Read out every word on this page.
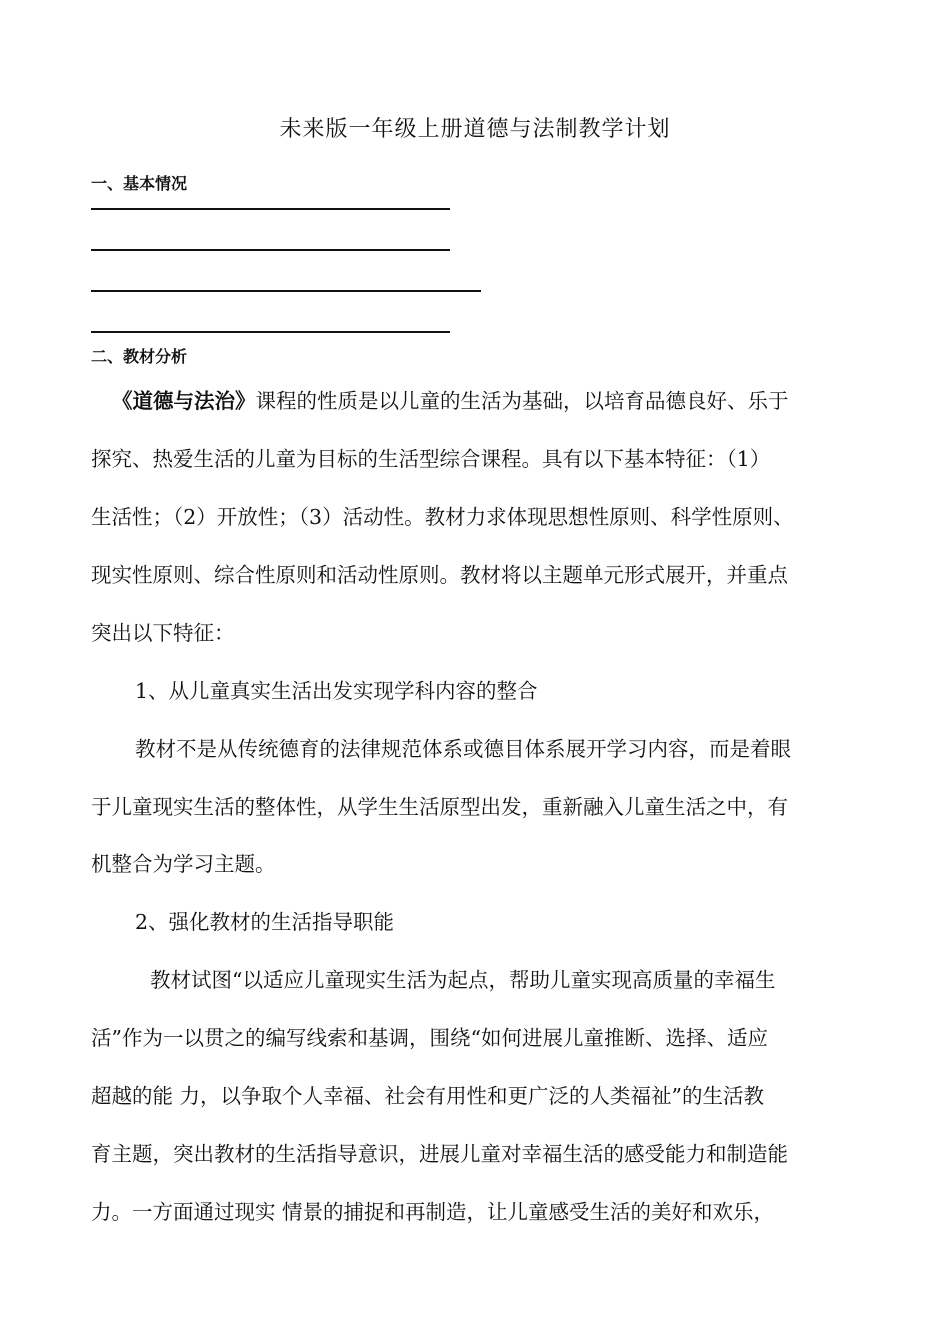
未来版一年级上册道德与法制教学计划
一、基本情况
二、教材分析
《道德与法治》课程的性质是以儿童的生活为基础，以培育品德良好、乐于
探究、热爱生活的儿童为目标的生活型综合课程。具有以下基本特征：（1）
生活性；（2）开放性；（3）活动性。教材力求体现思想性原则、科学性原则、
现实性原则、综合性原则和活动性原则。教材将以主题单元形式展开，并重点
突出以下特征：
1、从儿童真实生活出发实现学科内容的整合
教材不是从传统德育的法律规范体系或德目体系展开学习内容，而是着眼
于儿童现实生活的整体性，从学生生活原型出发，重新融入儿童生活之中，有
机整合为学习主题。
2、强化教材的生活指导职能
教材试图“以适应儿童现实生活为起点，帮助儿童实现高质量的幸福生
活”作为一以贯之的编写线索和基调，围绕“如何进展儿童推断、选择、适应
超越的能 力，以争取个人幸福、社会有用性和更广泛的人类福祉”的生活教
育主题，突出教材的生活指导意识，进展儿童对幸福生活的感受能力和制造能
力。一方面通过现实 情景的捕捉和再制造，让儿童感受生活的美好和欢乐，
